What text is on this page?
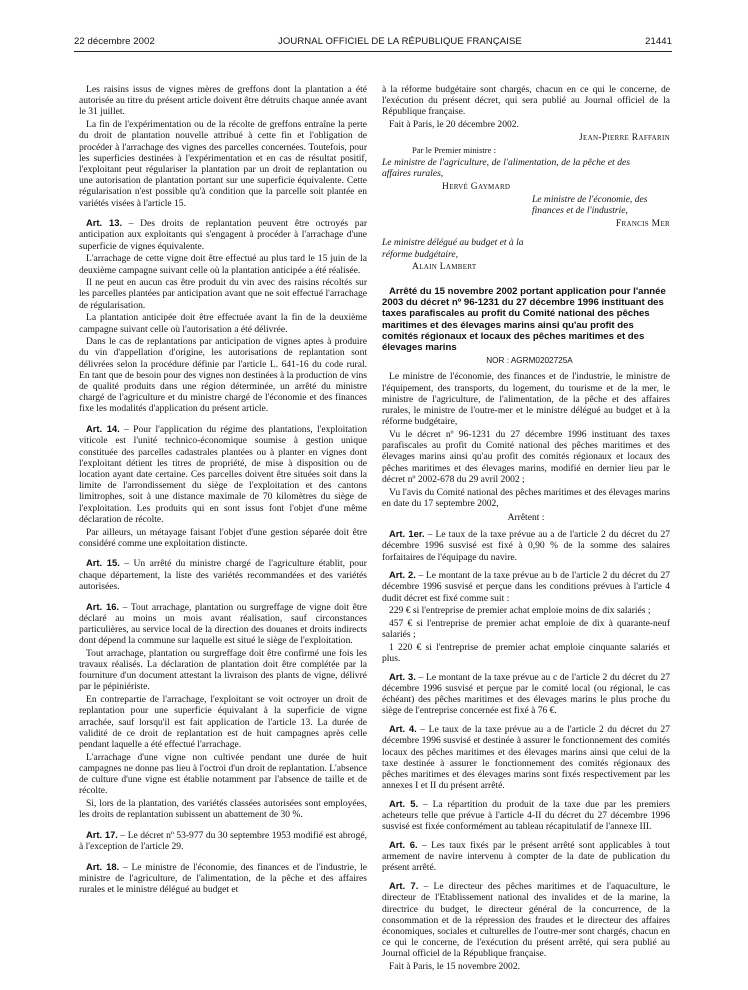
22 décembre 2002	JOURNAL OFFICIEL DE LA RÉPUBLIQUE FRANÇAISE	21441

Les raisins issus de vignes mères de greffons dont la plantation a été autorisée au titre du présent article doivent être détruits chaque année avant le 31 juillet.

La fin de l'expérimentation ou de la récolte de greffons entraîne la perte du droit de plantation nouvelle attribué à cette fin et l'obligation de procéder à l'arrachage des vignes des parcelles concernées. Toutefois, pour les superficies destinées à l'expérimentation et en cas de résultat positif, l'exploitant peut régulariser la plantation par un droit de replantation ou une autorisation de plantation portant sur une superficie équivalente. Cette régularisation n'est possible qu'à condition que la parcelle soit plantée en variétés visées à l'article 15.

Art. 13. – Des droits de replantation peuvent être octroyés par anticipation aux exploitants qui s'engagent à procéder à l'arrachage d'une superficie de vignes équivalente.

L'arrachage de cette vigne doit être effectué au plus tard le 15 juin de la deuxième campagne suivant celle où la plantation anticipée a été réalisée.

Il ne peut en aucun cas être produit du vin avec des raisins récoltés sur les parcelles plantées par anticipation avant que ne soit effectué l'arrachage de régularisation.

La plantation anticipée doit être effectuée avant la fin de la deuxième campagne suivant celle où l'autorisation a été délivrée.

Dans le cas de replantations par anticipation de vignes aptes à produire du vin d'appellation d'origine, les autorisations de replantation sont délivrées selon la procédure définie par l'article L. 641-16 du code rural. En tant que de besoin pour des vignes non destinées à la production de vins de qualité produits dans une région déterminée, un arrêté du ministre chargé de l'agriculture et du ministre chargé de l'économie et des finances fixe les modalités d'application du présent article.

Art. 14. – Pour l'application du régime des plantations, l'exploitation viticole est l'unité technico-économique soumise à gestion unique constituée des parcelles cadastrales plantées ou à planter en vignes dont l'exploitant détient les titres de propriété, de mise à disposition ou de location ayant date certaine. Ces parcelles doivent être situées soit dans la limite de l'arrondissement du siège de l'exploitation et des cantons limitrophes, soit à une distance maximale de 70 kilomètres du siège de l'exploitation. Les produits qui en sont issus font l'objet d'une même déclaration de récolte.

Par ailleurs, un métayage faisant l'objet d'une gestion séparée doit être considéré comme une exploitation distincte.

Art. 15. – Un arrêté du ministre chargé de l'agriculture établit, pour chaque département, la liste des variétés recommandées et des variétés autorisées.

Art. 16. – Tout arrachage, plantation ou surgreffage de vigne doit être déclaré au moins un mois avant réalisation, sauf circonstances particulières, au service local de la direction des douanes et droits indirects dont dépend la commune sur laquelle est situé le siège de l'exploitation.

Tout arrachage, plantation ou surgreffage doit être confirmé une fois les travaux réalisés. La déclaration de plantation doit être complétée par la fourniture d'un document attestant la livraison des plants de vigne, délivré par le pépiniériste.

En contrepartie de l'arrachage, l'exploitant se voit octroyer un droit de replantation pour une superficie équivalant à la superficie de vigne arrachée, sauf lorsqu'il est fait application de l'article 13. La durée de validité de ce droit de replantation est de huit campagnes après celle pendant laquelle a été effectué l'arrachage.

L'arrachage d'une vigne non cultivée pendant une durée de huit campagnes ne donne pas lieu à l'octroi d'un droit de replantation. L'absence de culture d'une vigne est établie notamment par l'absence de taille et de récolte.

Si, lors de la plantation, des variétés classées autorisées sont employées, les droits de replantation subissent un abattement de 30 %.

Art. 17. – Le décret nº 53-977 du 30 septembre 1953 modifié est abrogé, à l'exception de l'article 29.

Art. 18. – Le ministre de l'économie, des finances et de l'industrie, le ministre de l'agriculture, de l'alimentation, de la pêche et des affaires rurales et le ministre délégué au budget et

à la réforme budgétaire sont chargés, chacun en ce qui le concerne, de l'exécution du présent décret, qui sera publié au Journal officiel de la République française.

Fait à Paris, le 20 décembre 2002.

Jean-Pierre Raffarin

Par le Premier ministre :

Le ministre de l'agriculture, de l'alimentation, de la pêche et des affaires rurales,

Hervé Gaymard

Le ministre de l'économie, des finances et de l'industrie,

Francis Mer

Le ministre délégué au budget et à la réforme budgétaire,

Alain Lambert

Arrêté du 15 novembre 2002 portant application pour l'année 2003 du décret nº 96-1231 du 27 décembre 1996 instituant des taxes parafiscales au profit du Comité national des pêches maritimes et des élevages marins ainsi qu'au profit des comités régionaux et locaux des pêches maritimes et des élevages marins

NOR : AGRM0202725A

Le ministre de l'économie, des finances et de l'industrie, le ministre de l'équipement, des transports, du logement, du tourisme et de la mer, le ministre de l'agriculture, de l'alimentation, de la pêche et des affaires rurales, le ministre de l'outre-mer et le ministre délégué au budget et à la réforme budgétaire,

Vu le décret nº 96-1231 du 27 décembre 1996 instituant des taxes parafiscales au profit du Comité national des pêches maritimes et des élevages marins ainsi qu'au profit des comités régionaux et locaux des pêches maritimes et des élevages marins, modifié en dernier lieu par le décret nº 2002-678 du 29 avril 2002 ;

Vu l'avis du Comité national des pêches maritimes et des élevages marins en date du 17 septembre 2002,

Arrêtent :

Art. 1er. – Le taux de la taxe prévue au a de l'article 2 du décret du 27 décembre 1996 susvisé est fixé à 0,90 % de la somme des salaires forfaitaires de l'équipage du navire.

Art. 2. – Le montant de la taxe prévue au b de l'article 2 du décret du 27 décembre 1996 susvisé et perçue dans les conditions prévues à l'article 4 dudit décret est fixé comme suit :

229 € si l'entreprise de premier achat emploie moins de dix salariés ;

457 € si l'entreprise de premier achat emploie de dix à quarante-neuf salariés ;

1 220 € si l'entreprise de premier achat emploie cinquante salariés et plus.

Art. 3. – Le montant de la taxe prévue au c de l'article 2 du décret du 27 décembre 1996 susvisé et perçue par le comité local (ou régional, le cas échéant) des pêches maritimes et des élevages marins le plus proche du siège de l'entreprise concernée est fixé à 76 €.

Art. 4. – Le taux de la taxe prévue au a de l'article 2 du décret du 27 décembre 1996 susvisé et destinée à assurer le fonctionnement des comités locaux des pêches maritimes et des élevages marins ainsi que celui de la taxe destinée à assurer le fonctionnement des comités régionaux des pêches maritimes et des élevages marins sont fixés respectivement par les annexes I et II du présent arrêté.

Art. 5. – La répartition du produit de la taxe due par les premiers acheteurs telle que prévue à l'article 4-II du décret du 27 décembre 1996 susvisé est fixée conformément au tableau récapitulatif de l'annexe III.

Art. 6. – Les taux fixés par le présent arrêté sont applicables à tout armement de navire intervenu à compter de la date de publication du présent arrêté.

Art. 7. – Le directeur des pêches maritimes et de l'aquaculture, le directeur de l'Etablissement national des invalides et de la marine, la directrice du budget, le directeur général de la concurrence, de la consommation et de la répression des fraudes et le directeur des affaires économiques, sociales et culturelles de l'outre-mer sont chargés, chacun en ce qui le concerne, de l'exécution du présent arrêté, qui sera publié au Journal officiel de la République française.

Fait à Paris, le 15 novembre 2002.
